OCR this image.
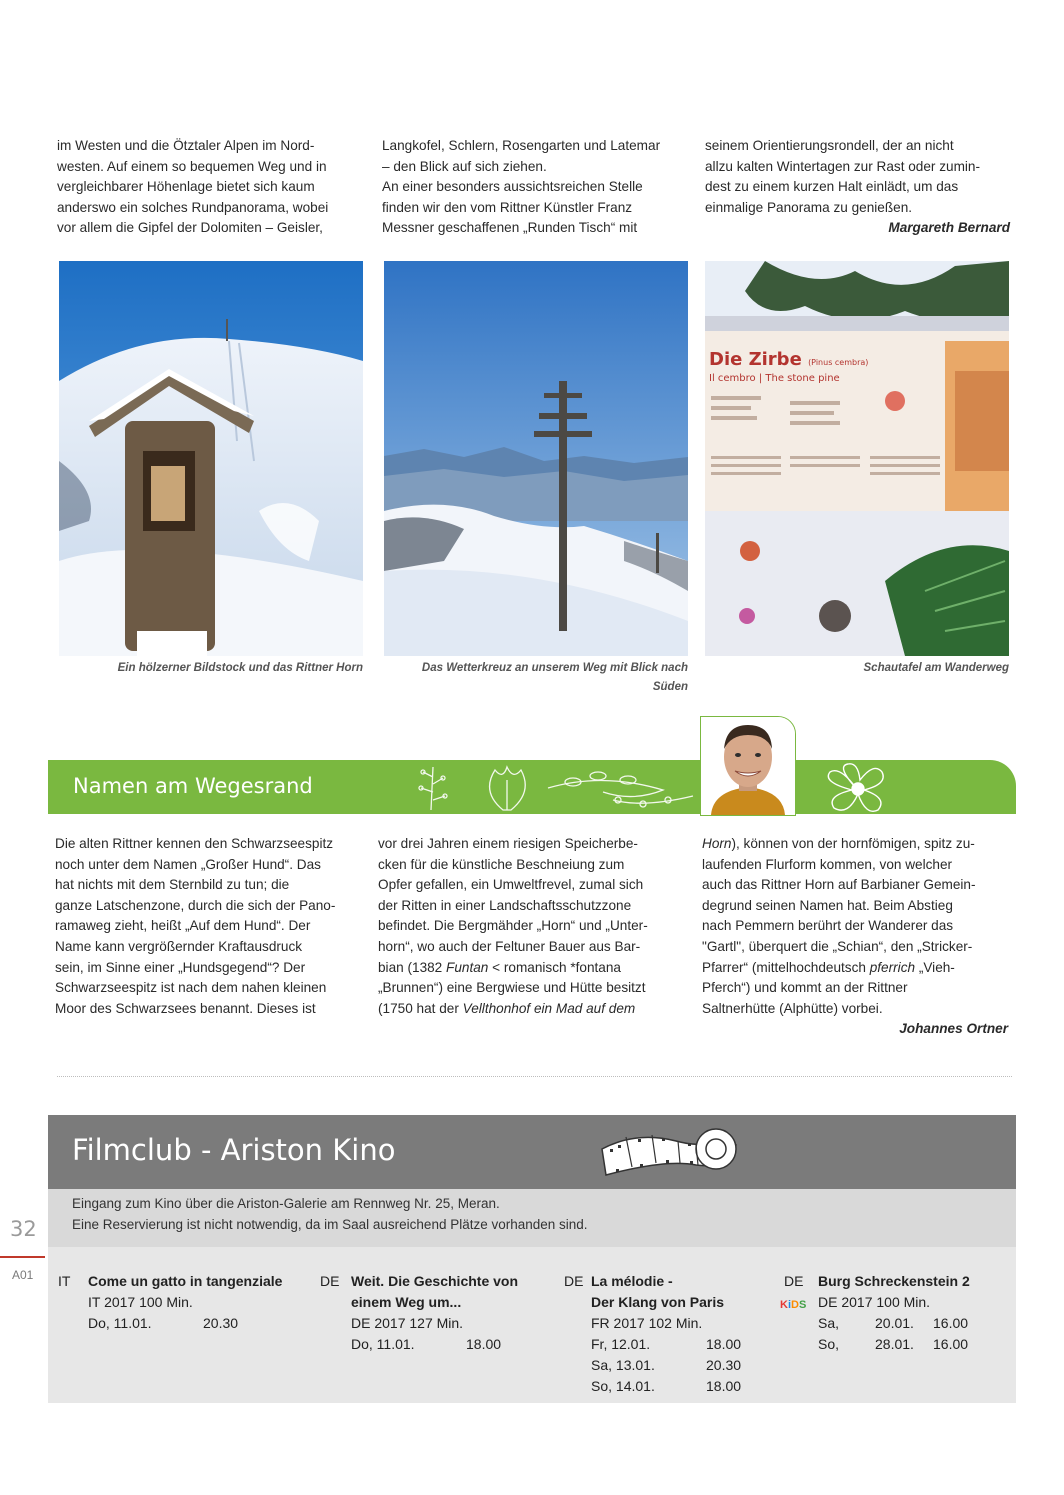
im Westen und die Ötztaler Alpen im Nord-

westen. Auf einem so bequemen Weg und in

vergleichbarer Höhenlage bietet sich kaum

anderswo ein solches Rundpanorama, wobei

vor allem die Gipfel der Dolomiten – Geisler,

Langkofel, Schlern, Rosengarten und Latemar

– den Blick auf sich ziehen.

An einer besonders aussichtsreichen Stelle

finden wir den vom Rittner Künstler Franz

Messner geschaffenen „Runden Tisch“ mit

seinem Orientierungsrondell, der an nicht

allzu kalten Wintertagen zur Rast oder zumin-

dest zu einem kurzen Halt einlädt, um das

einmalige Panorama zu genießen.

Margareth Bernard

Ein hölzerner Bildstock und das Rittner Horn	Das Wetterkreuz an unserem Weg mit Blick nach
Süden
Die Zirbe (Pinus cembra)
Il cembro | The stone pine
Schautafel am Wanderweg
Namen am Wegesrand

Die alten Rittner kennen den Schwarzseespitz

noch unter dem Namen „Großer Hund“. Das

hat nichts mit dem Sternbild zu tun; die

ganze Latschenzone, durch die sich der Pano-

ramaweg zieht, heißt „Auf dem Hund“. Der

Name kann vergrößernder Kraftausdruck

sein, im Sinne einer „Hundsgegend“? Der

Schwarzseespitz ist nach dem nahen kleinen

Moor des Schwarzsees benannt. Dieses ist

vor drei Jahren einem riesigen Speicherbe-

cken für die künstliche Beschneiung zum

Opfer gefallen, ein Umweltfrevel, zumal sich

der Ritten in einer Landschaftsschutzzone

befindet. Die Bergmähder „Horn“ und „Unter-

horn“, wo auch der Feltuner Bauer aus Bar-

bian (1382 Funtan < romanisch *fontana

„Brunnen“) eine Bergwiese und Hütte besitzt

(1750 hat der Vellthonhof ein Mad auf dem

Horn), können von der hornfömigen, spitz zu-

laufenden Flurform kommen, von welcher

auch das Rittner Horn auf Barbianer Gemein-

degrund seinen Namen hat. Beim Abstieg

nach Pemmern berührt der Wanderer das

"Gartl", überquert die „Schian“, den „Stricker-

Pfarrer“ (mittelhochdeutsch pferrich „Vieh-

Pferch“) und kommt an der Rittner

Saltnerhütte (Alphütte) vorbei.

Johannes Ortner

Filmclub - Ariston Kino

Eingang zum Kino über die Ariston-Galerie am Rennweg Nr. 25, Meran.

Eine Reservierung ist nicht notwendig, da im Saal ausreichend Plätze vorhanden sind.

IT Come un gatto in tangenziale
IT 2017 100 Min.
Do, 11.01.	20.30
DE Weit. Die Geschichte von
einem Weg um...
DE 2017 127 Min.
Do, 11.01.	18.00
DE La mélodie -
Der Klang von Paris
FR 2017 102 Min.
Fr, 12.01.	18.00
Sa, 13.01.	20.30
So, 14.01.	18.00
DE
KiDS
Burg Schreckenstein 2
DE 2017 100 Min.
Sa,	20.01.	16.00
So,	28.01.	16.00
32
A01
